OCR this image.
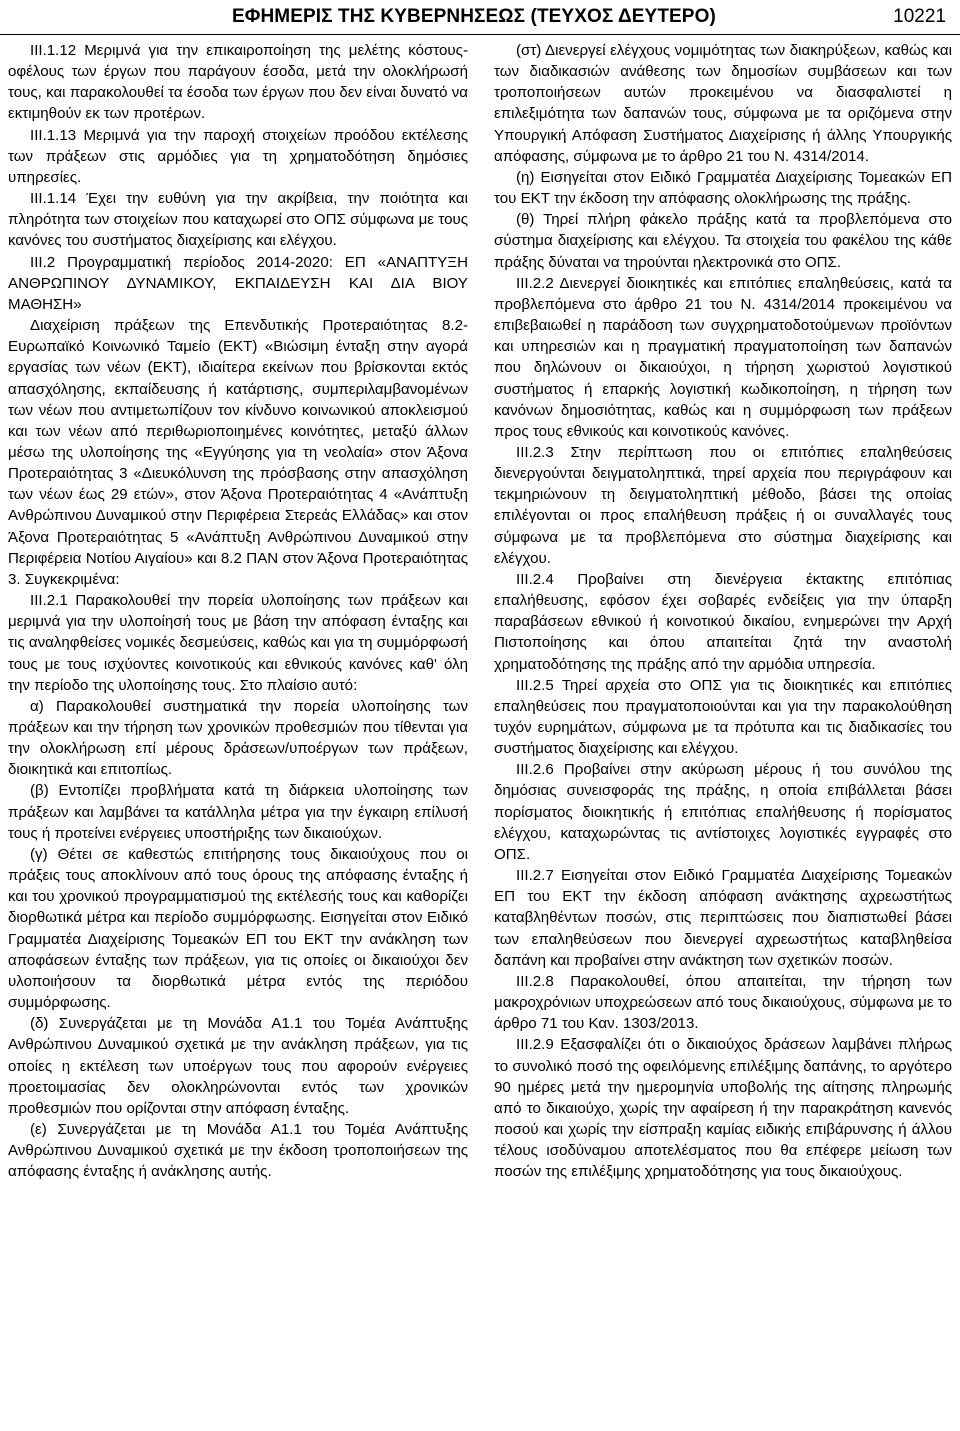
ΕΦΗΜΕΡΙΣ ΤΗΣ ΚΥΒΕΡΝΗΣΕΩΣ (ΤΕΥΧΟΣ ΔΕΥΤΕΡΟ)	10221

ΙΙΙ.1.12 Μεριμνά για την επικαιροποίηση της μελέτης κόστους-οφέλους των έργων που παράγουν έσοδα, μετά την ολοκλήρωσή τους, και παρακολουθεί τα έσοδα των έργων που δεν είναι δυνατό να εκτιμηθούν εκ των προτέρων.

ΙΙΙ.1.13 Μεριμνά για την παροχή στοιχείων προόδου εκτέλεσης των πράξεων στις αρμόδιες για τη χρηματοδότηση δημόσιες υπηρεσίες.

ΙΙΙ.1.14 Έχει την ευθύνη για την ακρίβεια, την ποιότητα και πληρότητα των στοιχείων που καταχωρεί στο ΟΠΣ σύμφωνα με τους κανόνες του συστήματος διαχείρισης και ελέγχου.

ΙΙΙ.2 Προγραμματική περίοδος 2014-2020: ΕΠ «ΑΝΑΠΤΥΞΗ ΑΝΘΡΩΠΙΝΟΥ ΔΥΝΑΜΙΚΟΥ, ΕΚΠΑΙΔΕΥΣΗ ΚΑΙ ΔΙΑ ΒΙΟΥ ΜΑΘΗΣΗ»

Διαχείριση πράξεων της Επενδυτικής Προτεραιότητας 8.2-Ευρωπαϊκό Κοινωνικό Ταμείο (ΕΚΤ) «Βιώσιμη ένταξη στην αγορά εργασίας των νέων (ΕΚΤ), ιδιαίτερα εκείνων που βρίσκονται εκτός απασχόλησης, εκπαίδευσης ή κατάρτισης, συμπεριλαμβανομένων των νέων που αντιμετωπίζουν τον κίνδυνο κοινωνικού αποκλεισμού και των νέων από περιθωριοποιημένες κοινότητες, μεταξύ άλλων μέσω της υλοποίησης της «Εγγύησης για τη νεολαία» στον Άξονα Προτεραιότητας 3 «Διευκόλυνση της πρόσβασης στην απασχόληση των νέων έως 29 ετών», στον Άξονα Προτεραιότητας 4 «Ανάπτυξη Ανθρώπινου Δυναμικού στην Περιφέρεια Στερεάς Ελλάδας» και στον Άξονα Προτεραιότητας 5 «Ανάπτυξη Ανθρώπινου Δυναμικού στην Περιφέρεια Νοτίου Αιγαίου» και 8.2 ΠΑΝ στον Άξονα Προτεραιότητας 3. Συγκεκριμένα:

ΙΙΙ.2.1 Παρακολουθεί την πορεία υλοποίησης των πράξεων και μεριμνά για την υλοποίησή τους με βάση την απόφαση ένταξης και τις αναληφθείσες νομικές δεσμεύσεις, καθώς και για τη συμμόρφωσή τους με τους ισχύοντες κοινοτικούς και εθνικούς κανόνες καθ' όλη την περίοδο της υλοποίησης τους. Στο πλαίσιο αυτό:

α) Παρακολουθεί συστηματικά την πορεία υλοποίησης των πράξεων και την τήρηση των χρονικών προθεσμιών που τίθενται για την ολοκλήρωση επί μέρους δράσεων/υποέργων των πράξεων, διοικητικά και επιτοπίως.

(β) Εντοπίζει προβλήματα κατά τη διάρκεια υλοποίησης των πράξεων και λαμβάνει τα κατάλληλα μέτρα για την έγκαιρη επίλυσή τους ή προτείνει ενέργειες υποστήριξης των δικαιούχων.

(γ) Θέτει σε καθεστώς επιτήρησης τους δικαιούχους που οι πράξεις τους αποκλίνουν από τους όρους της απόφασης ένταξης ή και του χρονικού προγραμματισμού της εκτέλεσής τους και καθορίζει διορθωτικά μέτρα και περίοδο συμμόρφωσης. Εισηγείται στον Ειδικό Γραμματέα Διαχείρισης Τομεακών ΕΠ του ΕΚΤ την ανάκληση των αποφάσεων ένταξης των πράξεων, για τις οποίες οι δικαιούχοι δεν υλοποιήσουν τα διορθωτικά μέτρα εντός της περιόδου συμμόρφωσης.

(δ) Συνεργάζεται με τη Μονάδα Α1.1 του Τομέα Ανάπτυξης Ανθρώπινου Δυναμικού σχετικά με την ανάκληση πράξεων, για τις οποίες η εκτέλεση των υποέργων τους που αφορούν ενέργειες προετοιμασίας δεν ολοκληρώνονται εντός των χρονικών προθεσμιών που ορίζονται στην απόφαση ένταξης.

(ε) Συνεργάζεται με τη Μονάδα Α1.1 του Τομέα Ανάπτυξης Ανθρώπινου Δυναμικού σχετικά με την έκδοση τροποποιήσεων της απόφασης ένταξης ή ανάκλησης αυτής.

(στ) Διενεργεί ελέγχους νομιμότητας των διακηρύξεων, καθώς και των διαδικασιών ανάθεσης των δημοσίων συμβάσεων και των τροποποιήσεων αυτών προκειμένου να διασφαλιστεί η επιλεξιμότητα των δαπανών τους, σύμφωνα με τα οριζόμενα στην Υπουργική Απόφαση Συστήματος Διαχείρισης ή άλλης Υπουργικής απόφασης, σύμφωνα με το άρθρο 21 του Ν. 4314/2014.

(η) Εισηγείται στον Ειδικό Γραμματέα Διαχείρισης Τομεακών ΕΠ του ΕΚΤ την έκδοση την απόφασης ολοκλήρωσης της πράξης.

(θ) Τηρεί πλήρη φάκελο πράξης κατά τα προβλεπόμενα στο σύστημα διαχείρισης και ελέγχου. Τα στοιχεία του φακέλου της κάθε πράξης δύναται να τηρούνται ηλεκτρονικά στο ΟΠΣ.

ΙΙΙ.2.2 Διενεργεί διοικητικές και επιτόπιες επαληθεύσεις, κατά τα προβλεπόμενα στο άρθρο 21 του Ν. 4314/2014 προκειμένου να επιβεβαιωθεί η παράδοση των συγχρηματοδοτούμενων προϊόντων και υπηρεσιών και η πραγματική πραγματοποίηση των δαπανών που δηλώνουν οι δικαιούχοι, η τήρηση χωριστού λογιστικού συστήματος ή επαρκής λογιστική κωδικοποίηση, η τήρηση των κανόνων δημοσιότητας, καθώς και η συμμόρφωση των πράξεων προς τους εθνικούς και κοινοτικούς κανόνες.

ΙΙΙ.2.3 Στην περίπτωση που οι επιτόπιες επαληθεύσεις διενεργούνται δειγματοληπτικά, τηρεί αρχεία που περιγράφουν και τεκμηριώνουν τη δειγματοληπτική μέθοδο, βάσει της οποίας επιλέγονται οι προς επαλήθευση πράξεις ή οι συναλλαγές τους σύμφωνα με τα προβλεπόμενα στο σύστημα διαχείρισης και ελέγχου.

ΙΙΙ.2.4 Προβαίνει στη διενέργεια έκτακτης επιτόπιας επαλήθευσης, εφόσον έχει σοβαρές ενδείξεις για την ύπαρξη παραβάσεων εθνικού ή κοινοτικού δικαίου, ενημερώνει την Αρχή Πιστοποίησης και όπου απαιτείται ζητά την αναστολή χρηματοδότησης της πράξης από την αρμόδια υπηρεσία.

ΙΙΙ.2.5 Τηρεί αρχεία στο ΟΠΣ για τις διοικητικές και επιτόπιες επαληθεύσεις που πραγματοποιούνται και για την παρακολούθηση τυχόν ευρημάτων, σύμφωνα με τα πρότυπα και τις διαδικασίες του συστήματος διαχείρισης και ελέγχου.

ΙΙΙ.2.6 Προβαίνει στην ακύρωση μέρους ή του συνόλου της δημόσιας συνεισφοράς της πράξης, η οποία επιβάλλεται βάσει πορίσματος διοικητικής ή επιτόπιας επαλήθευσης ή πορίσματος ελέγχου, καταχωρώντας τις αντίστοιχες λογιστικές εγγραφές στο ΟΠΣ.

ΙΙΙ.2.7 Εισηγείται στον Ειδικό Γραμματέα Διαχείρισης Τομεακών ΕΠ του ΕΚΤ την έκδοση απόφαση ανάκτησης αχρεωστήτως καταβληθέντων ποσών, στις περιπτώσεις που διαπιστωθεί βάσει των επαληθεύσεων που διενεργεί αχρεωστήτως καταβληθείσα δαπάνη και προβαίνει στην ανάκτηση των σχετικών ποσών.

ΙΙΙ.2.8 Παρακολουθεί, όπου απαιτείται, την τήρηση των μακροχρόνιων υποχρεώσεων από τους δικαιούχους, σύμφωνα με το άρθρο 71 του Καν. 1303/2013.

ΙΙΙ.2.9 Εξασφαλίζει ότι ο δικαιούχος δράσεων λαμβάνει πλήρως το συνολικό ποσό της οφειλόμενης επιλέξιμης δαπάνης, το αργότερο 90 ημέρες μετά την ημερομηνία υποβολής της αίτησης πληρωμής από το δικαιούχο, χωρίς την αφαίρεση ή την παρακράτηση κανενός ποσού και χωρίς την είσπραξη καμίας ειδικής επιβάρυνσης ή άλλου τέλους ισοδύναμου αποτελέσματος που θα επέφερε μείωση των ποσών της επιλέξιμης χρηματοδότησης για τους δικαιούχους.
